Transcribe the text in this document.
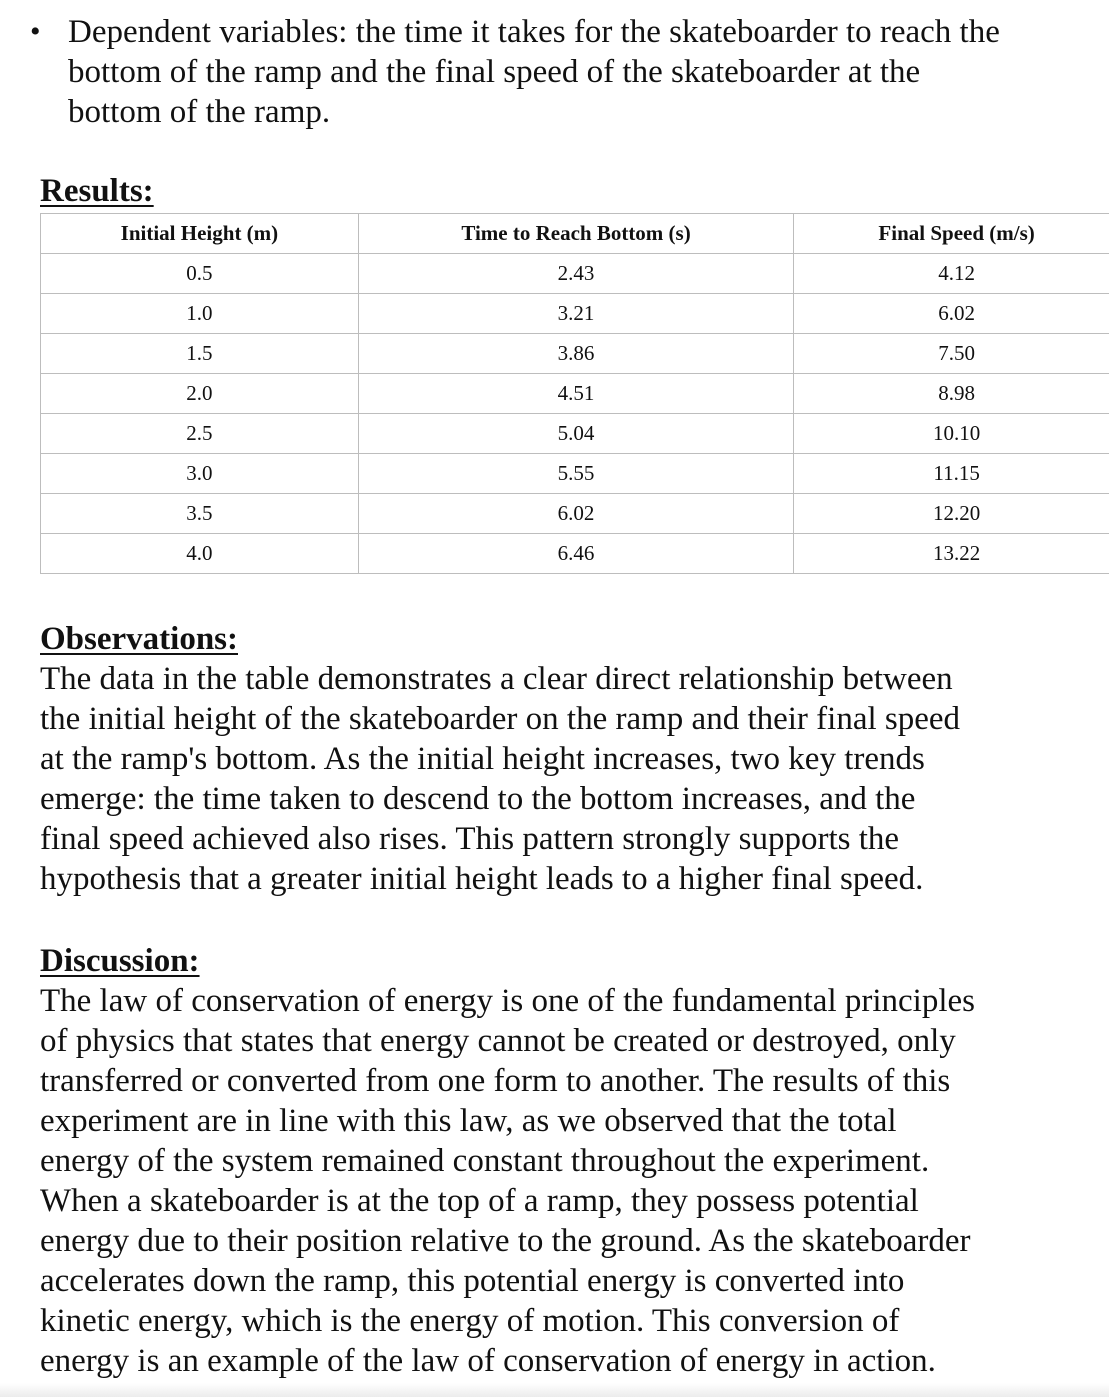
• Dependent variables: the time it takes for the skateboarder to reach the bottom of the ramp and the final speed of the skateboarder at the bottom of the ramp.
Results:
Initial Height (m)	Time to Reach Bottom (s)	Final Speed (m/s)
0.5	2.43	4.12
1.0	3.21	6.02
1.5	3.86	7.50
2.0	4.51	8.98
2.5	5.04	10.10
3.0	5.55	11.15
3.5	6.02	12.20
4.0	6.46	13.22
Observations:
The data in the table demonstrates a clear direct relationship between
the initial height of the skateboarder on the ramp and their final speed
at the ramp's bottom. As the initial height increases, two key trends
emerge: the time taken to descend to the bottom increases, and the
final speed achieved also rises. This pattern strongly supports the
hypothesis that a greater initial height leads to a higher final speed.
Discussion:
The law of conservation of energy is one of the fundamental principles
of physics that states that energy cannot be created or destroyed, only
transferred or converted from one form to another. The results of this
experiment are in line with this law, as we observed that the total
energy of the system remained constant throughout the experiment.
When a skateboarder is at the top of a ramp, they possess potential
energy due to their position relative to the ground. As the skateboarder
accelerates down the ramp, this potential energy is converted into
kinetic energy, which is the energy of motion. This conversion of
energy is an example of the law of conservation of energy in action.
